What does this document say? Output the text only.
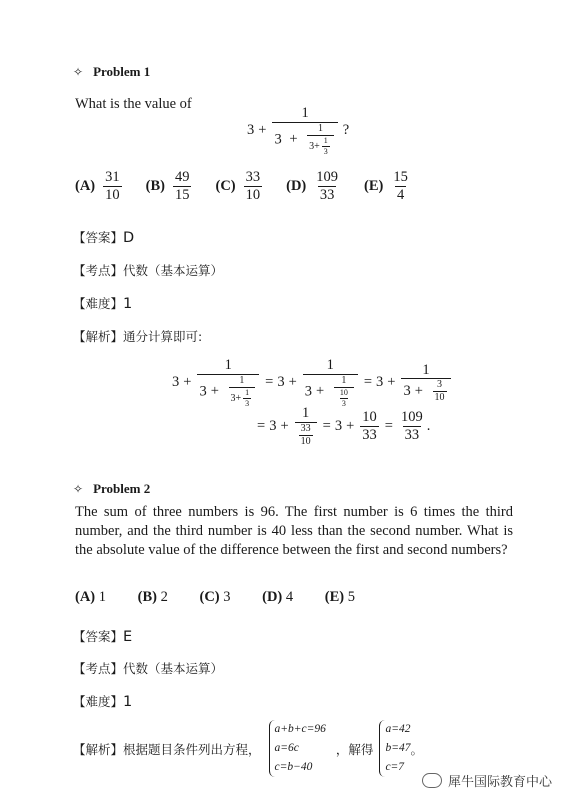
✧ Problem 1
What is the value of
$3 + \frac{1}{3 + \frac{1}{3+ \frac{1}{3}}}$ ?
$(A) \frac{31}{10} (B) \frac{49}{15} (C) \frac{33}{10} (D) \frac{109}{33} (E) \frac{15}{4}$
【答案】D
【考点】代数（基本运算）
【难度】1
【解析】通分计算即可:
$3 + \frac{1}{3 + \frac{1}{3+ \frac{1}{3}}} = 3 + \frac{1}{3 + \frac{1}{\frac{10}{3}}} = 3 + \frac{1}{3 + \frac{3}{10}}$
= $3 + \frac{1}{\frac{33}{10}} = 3 + \frac{10}{33} = \frac{109}{33}$ .
✧ Problem 2
The sum of three numbers is 96. The first number is 6 times the third number, and the third number is 40 less than the second number. What is the absolute value of the difference between the first and second numbers?
(A) 1 (B) 2 (C) 3 (D) 4 (E) 5
【答案】E
【考点】代数（基本运算）
【难度】1
【解析】 根据题目条件列出方程，
a+b+c=96
a=6c
c=b−40
，解得
a=42
b=47
c=7
。
犀牛国际教育中心
